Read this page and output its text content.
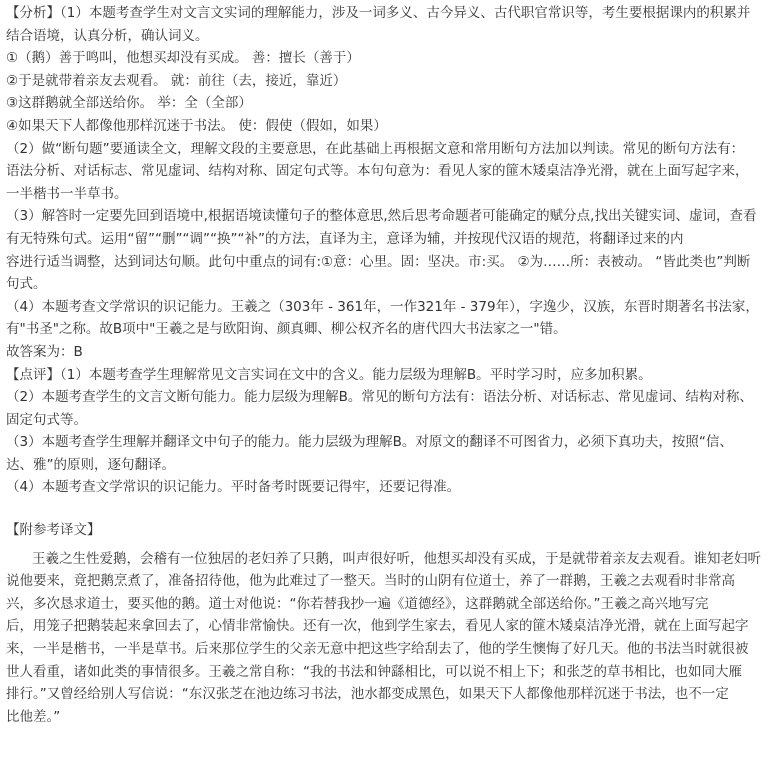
【分析】（1）本题考查学生对文言文实词的理解能力，涉及一词多义、古今异义、古代职官常识等，考生要根据课内的积累并
结合语境，认真分析，确认词义。
①（鹅）善于鸣叫，他想买却没有买成。 善：擅长（善于）
②于是就带着亲友去观看。 就：前往（去，接近，靠近）
③这群鹅就全部送给你。 举：全（全部）
④如果天下人都像他那样沉迷于书法。 使：假使（假如，如果）
（2）做“断句题”要通读全文，理解文段的主要意思，在此基础上再根据文意和常用断句方法加以判读。常见的断句方法有：
语法分析、对话标志、常见虚词、结构对称、固定句式等。本句句意为：看见人家的篚木矮桌洁净光滑，就在上面写起字来，
一半楷书一半草书。
（3）解答时一定要先回到语境中,根据语境读懂句子的整体意思,然后思考命题者可能确定的赋分点,找出关键实词、虚词，查看
有无特殊句式。运用“留”“删”“调”“换”“补”的方法，直译为主，意译为辅，并按现代汉语的规范，将翻译过来的内
容进行适当调整，达到词达句顺。此句中重点的词有:①意：心里。固：坚决。市:买。 ②为……所：表被动。 “皆此类也”判断
句式。
（4）本题考查文学常识的识记能力。王羲之（303年 - 361年，一作321年 - 379年），字逸少，汉族，东晋时期著名书法家，
有"书圣"之称。故B项中"王羲之是与欧阳询、颜真卿、柳公权齐名的唐代四大书法家之一"错。
故答案为：B
【点评】（1）本题考查学生理解常见文言实词在文中的含义。能力层级为理解B。平时学习时，应多加积累。
（2）本题考查学生的文言文断句能力。能力层级为理解B。常见的断句方法有：语法分析、对话标志、常见虚词、结构对称、
固定句式等。
（3）本题考查学生理解并翻译文中句子的能力。能力层级为理解B。对原文的翻译不可图省力，必须下真功夫，按照“信、
达、雅”的原则，逐句翻译。
（4）本题考查文学常识的识记能力。平时备考时既要记得牢，还要记得准。
【附参考译文】
王羲之生性爱鹅，会稽有一位独居的老妇养了只鹅，叫声很好听，他想买却没有买成，于是就带着亲友去观看。谁知老妇听
说他要来，竟把鹅烹煮了，准备招待他，他为此难过了一整天。当时的山阴有位道士，养了一群鹅，王羲之去观看时非常高
兴，多次恳求道士，要买他的鹅。道士对他说：“你若替我抄一遍《道德经》，这群鹅就全部送给你。”王羲之高兴地写完
后，用笼子把鹅装起来拿回去了，心情非常愉快。还有一次，他到学生家去，看见人家的篚木矮桌洁净光滑，就在上面写起字
来，一半是楷书，一半是草书。后来那位学生的父亲无意中把这些字给刮去了，他的学生懊悔了好几天。他的书法当时就很被
世人看重，诸如此类的事情很多。王羲之常自称：“我的书法和钟繇相比，可以说不相上下；和张芝的草书相比，也如同大雁
排行。”又曾经给别人写信说：“东汉张芝在池边练习书法，池水都变成黑色，如果天下人都像他那样沉迷于书法，也不一定
比他差。”
